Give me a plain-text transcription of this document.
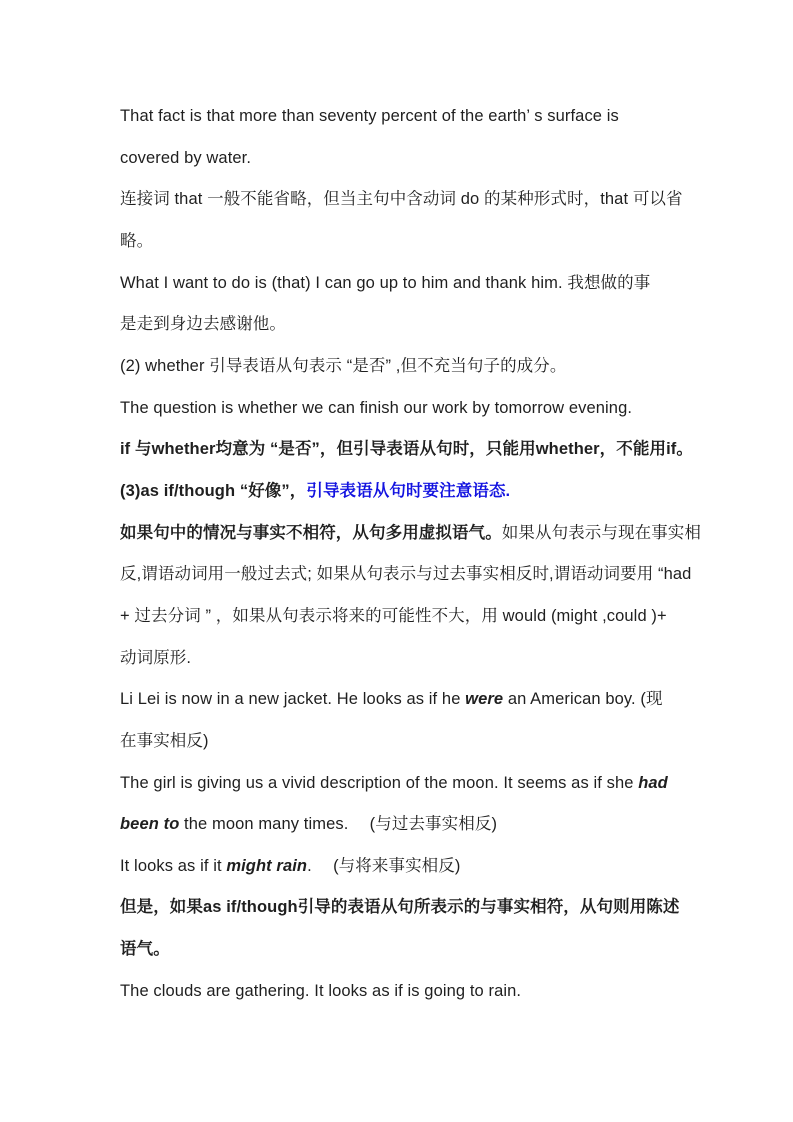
That fact is that more than seventy percent of the earth’ s surface is
covered by water.
连接词 that 一般不能省略，但当主句中含动词 do 的某种形式时，that 可以省
略。
What I want to do is (that) I can go up to him and thank him. 我想做的事
是走到身边去感谢他。
(2) whether 引导表语从句表示 “是否” ,但不充当句子的成分。
The question is whether we can finish our work by tomorrow evening.
if 与whether均意为 “是否”，但引导表语从句时，只能用whether，不能用if。
(3)as if/though “好像”，引导表语从句时要注意语态.
如果句中的情况与事实不相符，从句多用虚拟语气。如果从句表示与现在事实相
反,谓语动词用一般过去式; 如果从句表示与过去事实相反时,谓语动词要用 “had
+ 过去分词 ” ，如果从句表示将来的可能性不大，用 would (might ,could )+
动词原形.
Li Lei is now in a new jacket. He looks as if he were an American boy. (现
在事实相反)
The girl is giving us a vivid description of the moon. It seems as if she had
been to the moon many times. 　(与过去事实相反)
It looks as if it might rain. 　(与将来事实相反)
但是，如果as if/though引导的表语从句所表示的与事实相符，从句则用陈述
语气。
The clouds are gathering. It looks as if is going to rain.
